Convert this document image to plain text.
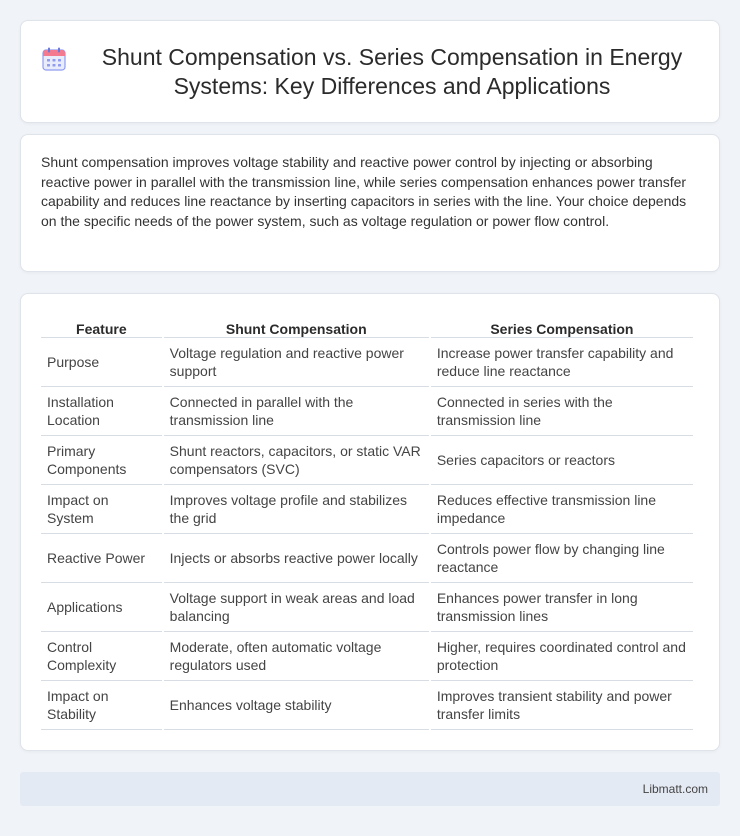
Shunt Compensation vs. Series Compensation in Energy Systems: Key Differences and Applications

Shunt compensation improves voltage stability and reactive power control by injecting or absorbing reactive power in parallel with the transmission line, while series compensation enhances power transfer capability and reduces line reactance by inserting capacitors in series with the line. Your choice depends on the specific needs of the power system, such as voltage regulation or power flow control.

Feature	Shunt Compensation	Series Compensation
Purpose	Voltage regulation and reactive power support	Increase power transfer capability and reduce line reactance
Installation Location	Connected in parallel with the transmission line	Connected in series with the transmission line
Primary Components	Shunt reactors, capacitors, or static VAR compensators (SVC)	Series capacitors or reactors
Impact on System	Improves voltage profile and stabilizes the grid	Reduces effective transmission line impedance
Reactive Power	Injects or absorbs reactive power locally	Controls power flow by changing line reactance
Applications	Voltage support in weak areas and load balancing	Enhances power transfer in long transmission lines
Control Complexity	Moderate, often automatic voltage regulators used	Higher, requires coordinated control and protection
Impact on Stability	Enhances voltage stability	Improves transient stability and power transfer limits
Libmatt.com
